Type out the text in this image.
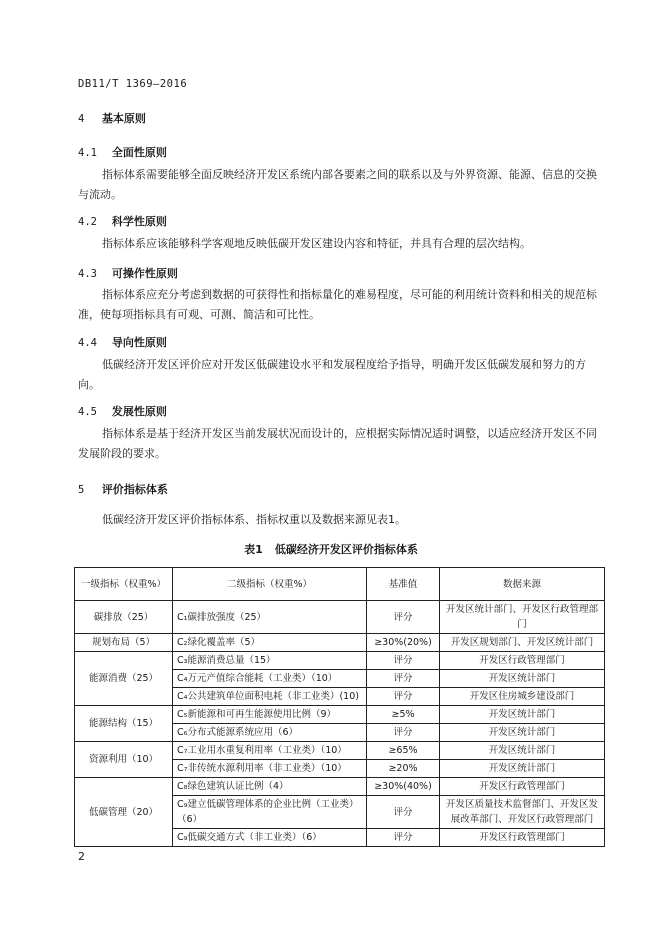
DB11/T 1369—2016
4 基本原则
4.1 全面性原则
指标体系需要能够全面反映经济开发区系统内部各要素之间的联系以及与外界资源、能源、信息的交换与流动。
4.2 科学性原则
指标体系应该能够科学客观地反映低碳开发区建设内容和特征，并具有合理的层次结构。
4.3 可操作性原则
指标体系应充分考虑到数据的可获得性和指标量化的难易程度，尽可能的利用统计资料和相关的规范标准，使每项指标具有可观、可测、简洁和可比性。
4.4 导向性原则
低碳经济开发区评价应对开发区低碳建设水平和发展程度给予指导，明确开发区低碳发展和努力的方向。
4.5 发展性原则
指标体系是基于经济开发区当前发展状况而设计的，应根据实际情况适时调整，以适应经济开发区不同发展阶段的要求。
5 评价指标体系
低碳经济开发区评价指标体系、指标权重以及数据来源见表1。
表1 低碳经济开发区评价指标体系
一级指标（权重%）	二级指标（权重%）	基准值	数据来源
碳排放（25）	C₁碳排放强度（25）	评分	开发区统计部门、开发区行政管理部门
规划布局（5）	C₂绿化覆盖率（5）	≥30%(20%)	开发区规划部门、开发区统计部门
能源消费（25）	C₃能源消费总量（15）	评分	开发区行政管理部门
	C₄万元产值综合能耗（工业类）（10）	评分	开发区统计部门
	C₄公共建筑单位面积电耗（非工业类）(10)	评分	开发区住房城乡建设部门
能源结构（15）	C₅新能源和可再生能源使用比例（9）	≥5%	开发区统计部门
	C₆分布式能源系统应用（6）	评分	开发区统计部门
资源利用（10）	C₇工业用水重复利用率（工业类）（10）	≥65%	开发区统计部门
	C₇非传统水源利用率（非工业类）（10）	≥20%	开发区统计部门
低碳管理（20）	C₈绿色建筑认证比例（4）	≥30%(40%)	开发区行政管理部门
	C₉建立低碳管理体系的企业比例（工业类）（6）	评分	开发区质量技术监督部门、开发区发展改革部门、开发区行政管理部门
	C₉低碳交通方式（非工业类）（6）	评分	开发区行政管理部门
2
